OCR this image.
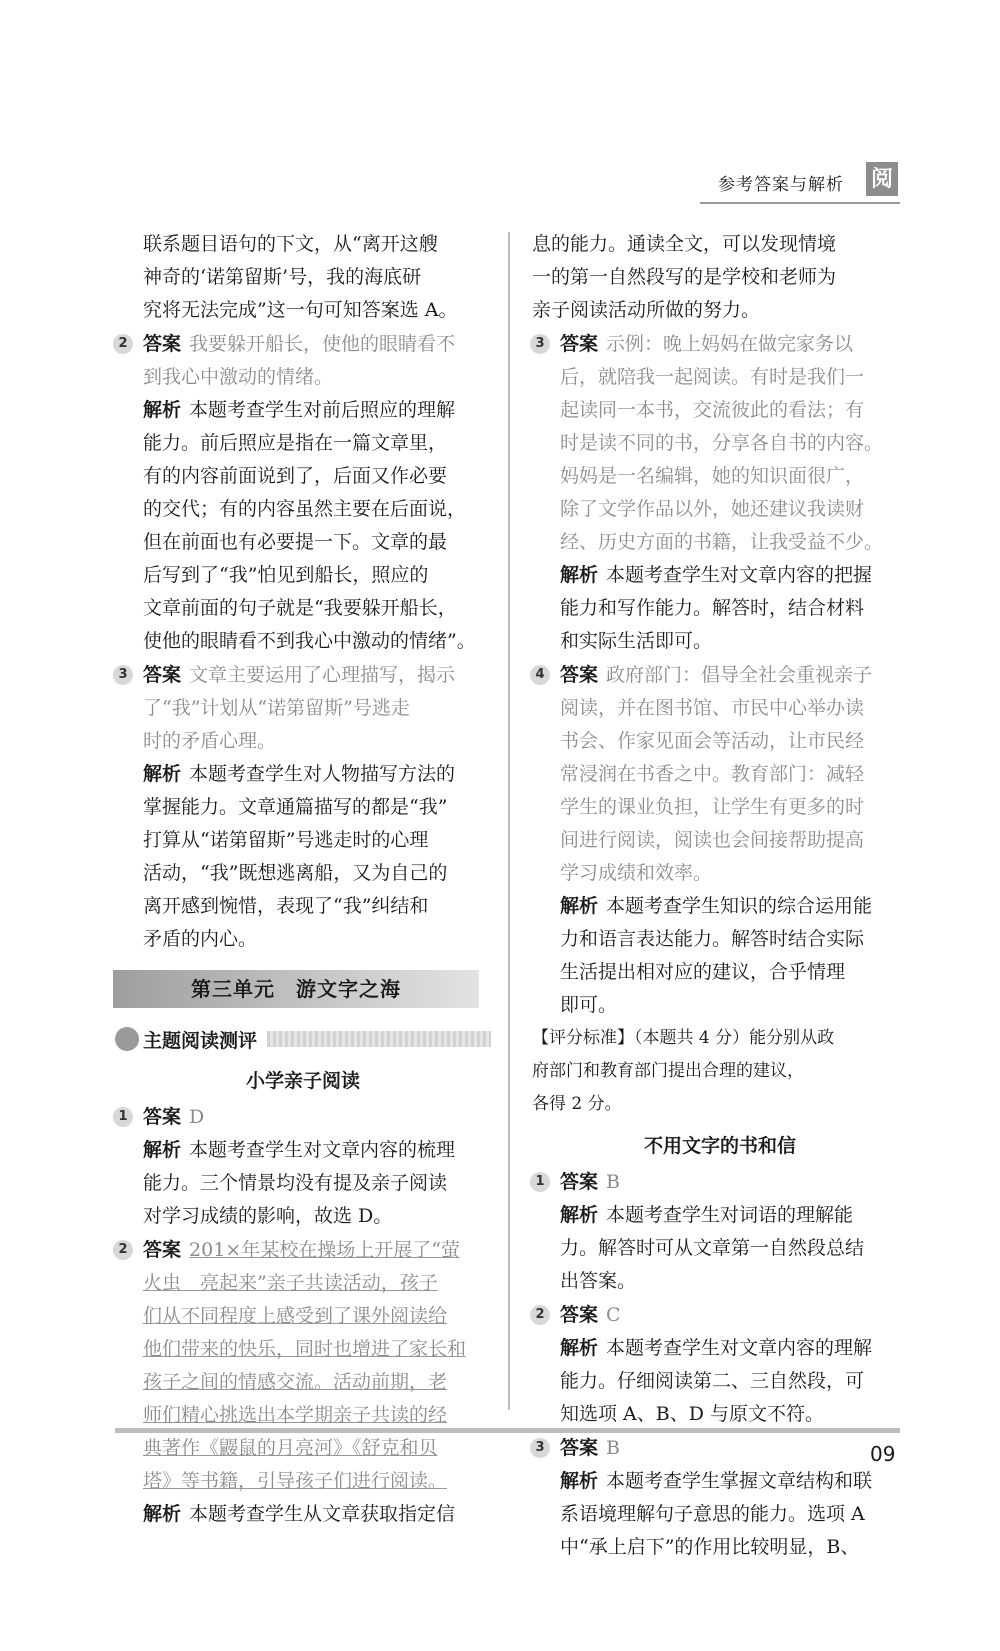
参考答案与解析 阅

联系题目语句的下文，从“离开这艘

神奇的‘诺第留斯’号，我的海底研

究将无法完成”这一句可知答案选 A。

2 答案 我要躲开船长，使他的眼睛看不

到我心中激动的情绪。

解析 本题考查学生对前后照应的理解

能力。前后照应是指在一篇文章里，

有的内容前面说到了，后面又作必要

的交代；有的内容虽然主要在后面说，

但在前面也有必要提一下。文章的最

后写到了“我”怕见到船长，照应的

文章前面的句子就是“我要躲开船长，

使他的眼睛看不到我心中激动的情绪”。

3 答案 文章主要运用了心理描写，揭示

了“我”计划从“诺第留斯”号逃走

时的矛盾心理。

解析 本题考查学生对人物描写方法的

掌握能力。文章通篇描写的都是“我”

打算从“诺第留斯”号逃走时的心理

活动，“我”既想逃离船，又为自己的

离开感到惋惜，表现了“我”纠结和

矛盾的内心。

第三单元　游文字之海
主题阅读测评
小学亲子阅读
1 答案 D

解析 本题考查学生对文章内容的梳理

能力。三个情景均没有提及亲子阅读

对学习成绩的影响，故选 D。

2 答案 201×年某校在操场上开展了“萤

火虫　亮起来”亲子共读活动，孩子

们从不同程度上感受到了课外阅读给

他们带来的快乐，同时也增进了家长和

孩子之间的情感交流。活动前期，老

师们精心挑选出本学期亲子共读的经

典著作《鼹鼠的月亮河》《舒克和贝

塔》等书籍，引导孩子们进行阅读。

解析 本题考查学生从文章获取指定信

息的能力。通读全文，可以发现情境

一的第一自然段写的是学校和老师为

亲子阅读活动所做的努力。

3 答案 示例：晚上妈妈在做完家务以

后，就陪我一起阅读。有时是我们一

起读同一本书，交流彼此的看法；有

时是读不同的书，分享各自书的内容。

妈妈是一名编辑，她的知识面很广，

除了文学作品以外，她还建议我读财

经、历史方面的书籍，让我受益不少。

解析 本题考查学生对文章内容的把握

能力和写作能力。解答时，结合材料

和实际生活即可。

4 答案 政府部门：倡导全社会重视亲子

阅读，并在图书馆、市民中心举办读

书会、作家见面会等活动，让市民经

常浸润在书香之中。教育部门：减轻

学生的课业负担，让学生有更多的时

间进行阅读，阅读也会间接帮助提高

学习成绩和效率。

解析 本题考查学生知识的综合运用能

力和语言表达能力。解答时结合实际

生活提出相对应的建议，合乎情理

即可。

【评分标准】（本题共 4 分）能分别从政

府部门和教育部门提出合理的建议，

各得 2 分。

不用文字的书和信
1 答案 B

解析 本题考查学生对词语的理解能

力。解答时可从文章第一自然段总结

出答案。

2 答案 C

解析 本题考查学生对文章内容的理解

能力。仔细阅读第二、三自然段，可

知选项 A、B、D 与原文不符。

3 答案 B

解析 本题考查学生掌握文章结构和联

系语境理解句子意思的能力。选项 A

中“承上启下”的作用比较明显，B、

09
